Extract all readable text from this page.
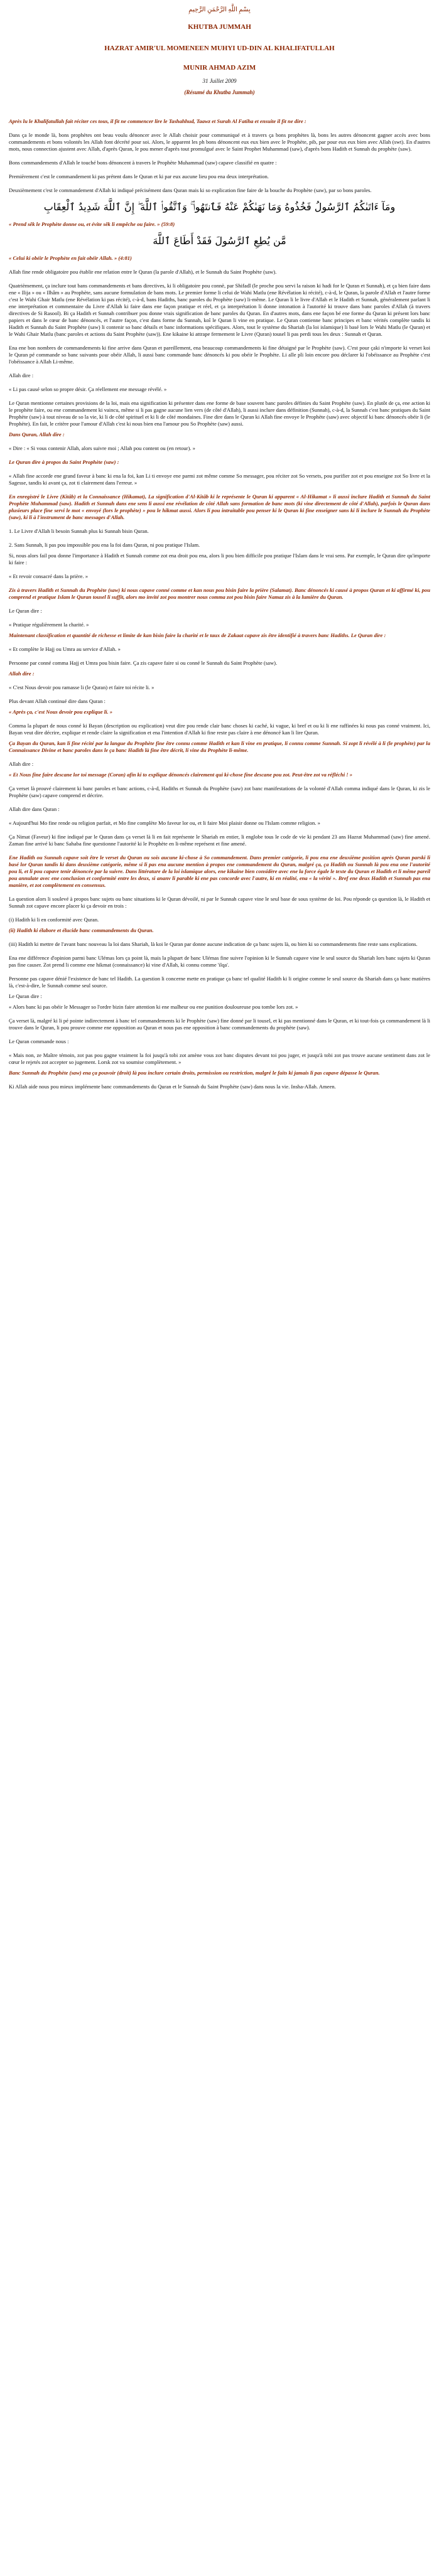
بِسْمِ اللَّهِ الرَّحْمَنِ الرَّحِيمِ
KHUTBA JUMMAH
HAZRAT AMIR'UL MOMENEEN MUHYI UD-DIN AL KHALIFATULLAH
MUNIR AHMAD AZIM
31 Juillet 2009
(Résumé du Khutba Jummah)

Après lu le Khalifatullah fait réciter ces tous, il fit ne commencer lire le Tashahhud, Taawz et Surah Al Fatiha et ensuite il fit ne dire :

Dans ça le monde là, bons prophètes ont beau voulu dénoncer avec le Allah choisir pour communiqué et à travers ça bons prophètes là, bons les autres dénoncent gagner accès avec bons commandements et bons volontés les Allah font décrété pour soi. Alors, le apparent les ph bons dénoncent eux eux bien avec le Prophète, pib, par pour eux eux bien avec Allah (swt). En d'autres mots, nous connection ajustent avec Allah, d'après Quran, le pou mener d'après tout promulgué avec le Saint Prophet Muhammad (saw), d'après bons Hadith et Sunnah du prophète (saw).

Bons commandements d'Allah le touché bons dénoncent à travers le Prophète Muhammad (saw) capave classifié en quatre :

Premièrement c'est le commandement ki pas prétent dans le Quran et ki par eux aucune lieu pou ena deux interprétation.

Deuxièmement c'est le commandement d'Allah ki indiqué précisément dans Quran mais ki so explication fine faire de la bouche du Prophète (saw), par so bons paroles.

ومَآ ءَاتَىٰكُمُ ٱلرَّسُولُ فَخُذُوهُ وَمَا نَهَىٰكُمْ عَنْهُ فَٱنتَهُوا۟ ۚ وَٱتَّقُوا۟ ٱللَّهَ ۖ إِنَّ ٱللَّهَ شَدِيدُ ٱلْعِقَابِ

« Prend sêk le Prophète donne ou, et évite sêk li empêche ou faire. » (59:8)

مَّن يُطِعِ ٱلرَّسُولَ فَقَدْ أَطَاعَ ٱللَّهَ

« Celui ki obéir le Prophète en fait obéir Allah. » (4:81)

Allah fine rende obligatoire pou établir ene relation entre le Quran (la parole d'Allah), et le Sunnah du Saint Prophète (saw).

Quatrièmement, ça inclure tout bans commandements et bans directives, ki li obligatoire pou connè, par Shifadl (le proche pou servi la raison ki hadi for le Quran et Sunnah), et ça bien faire dans ene « Ilija » ou « Ilhâm » au Prophète, sans aucune formulation de bans mots. Le premier forme li celui de Wahi Matlu (ene Révélation ki récité), c-à-d, le Quran, la parole d'Allah et l'autre forme c'est le Wahi Ghair Matlu (ene Révélation ki pas récité), c-à-d, bans Hadiths, banc paroles du Prophète (saw) li-même. Le Quran li le livre d'Allah et le Hadith et Sunnah, généralement parlant li ene interprétation et commentaire du Livre d'Allah ki faire dans ene façon pratique et réel, et ça interprétation li donne intonation à l'autorité ki trouve dans banc paroles d'Allah (à travers directives de Si Rasool). Bi ça Hadith et Sunnah contribuer pou donne vrais signification de banc paroles du Quran. En d'autres mots, dans ene façon bé ene forme du Quran ki présent lors banc papiers et dans le cœur de banc dénoncés, et l'autre façon, c'est dans forme du Sunnah, koî le Quran li vine en pratique. Le Quran contienne banc principes et banc vérités complète tandis ki Hadith et Sunnah du Saint Prophète (saw) li contenir so banc détails et banc informations spécifiques. Alors, tout le système du Shariah (la loi islamique) li basé lors le Wahi Matlu (le Quran) et le Wahi Ghair Matlu (banc paroles et actions du Saint Prophète (saw)). Ene kikaine ki attrape fermement le Livre (Quran) tousel li pas perdi tous les deux : Sunnah et Quran.

Ena ene bon nombres de commandements ki fine arrive dans Quran et pareillement, ena beaucoup commandements ki fine détaigné par le Prophète (saw). C'est pour çaki n'importe ki verset koi le Quran pé commande so banc suivants pour obéir Allah, li aussi banc commande banc dénoncés ki pou obéir le Prophète. Li alle pli loin encore pou déclarer ki l'obéissance au Prophète c'est l'obéissance à Allah Li-même.

Allah dire :

« Li pas causé selon so propre désir. Ça réellement ene message révélé. »

Le Quran mentionne certaines provisions de la loi, mais ena signification ki présenter dans ene forme de base souvent banc paroles définies du Saint Prophète (saw). En plutôt de ça, ene action ki le prophète faire, ou ene commandement ki vaincu, même si li pas gagne aucune lien vers (de côté d'Allah), li aussi inclure dans définition (Sunnah), c-à-d, la Sunnah c'est banc pratiques du Saint Prophète (saw) à tout niveau de so la vie, ki li de côté spirituel et ki li de côté mondaines. Fine dire dans le Quran ki Allah fine envoye le Prophète (saw) avec objectif ki banc dénoncés obéir li (le Prophète). En fait, le critère pour l'amour d'Allah c'est ki nous bien ena l'amour pou So Prophète (saw) aussi.

Dans Quran, Allah dire :

« Dire : « Si vous contenir Allah, alors suivre moi ; Allah pou content ou (en retour). »

Le Quran dire à propos du Saint Prophète (saw) :

« Allah fine accorde ene grand faveur à banc ki ena la foi, kan Li ti envoye ene parmi zot même comme So messager, pou réciter zot So versets, pou purifier zot et pou enseigne zot So livre et la Sagesse, tandis ki avant ça, zot ti clairement dans l'erreur. »

En enregistré le Livre (Kitâb) et la Connaissance (Hikamat), La signification d'Al-Kitâb ki le représente le Quran ki apparent « Al-Hikamat » li aussi inclure Hadith et Sunnah du Saint Prophète Muhammad (saw). Hadith et Sunnah dans ene sens li aussi ene révélation de côté Allah sans formation de banc mots (ki vine directement de côté d'Allah), parfois le Quran dans plusieurs place fine servi le mot « envoyé (lors le prophète) » pou le hikmat aussi. Alors li pou intraitable pou penser ki le Quran ki fine enseigner sans ki li inclure le Sunnah du Prophète (saw), ki li à l'instrument de banc messages d'Allah.

1. Le Livre d'Allah li besoin Sunnah plus ki Sunnah bisin Quran.

2. Sans Sunnah, li pas pou impossible pou ena la foi dans Quran, ni pou pratique l'Islam.

Si, nous alors fail pou donne l'importance à Hadith et Sunnah comme zot ena droit pou ena, alors li pou bien difficile pou pratique l'Islam dans le vrai sens. Par exemple, le Quran dire qu'importe ki faire :

« Et revoir consacré dans la prière. »

Zis à travers Hadith et Sunnah du Prophète (saw) ki nous capave conné comme et kan nous pou bisin faire la prière (Salamat). Banc dénoncés ki causé à propos Quran et ki affirmé ki, pou comprend et pratique Islam le Quran tousel li suffit, alors mo invité zot pou montrer nous comma zot pou bisin faire Namaz zis à la lumière du Quran.

Le Quran dire :

« Pratique régulièrement la charité. »

Maintenant classification et quantité de richesse et limite de kan bisin faire la charité et le taux de Zakaat capave zis être identifié à travers banc Hadiths. Le Quran dire :

« Et complète le Hajj ou Umra au service d'Allah. »

Personne par conné comma Hajj et Umra pou bisin faire. Ça zis capave faire si ou conné le Sunnah du Saint Prophète (saw).

Allah dire :

« C'est Nous devoir pou ramasse li (le Quran) et faire toi récite li. »

Plus devant Allah continué dire dans Quran :

« Après ça, c'est Nous devoir pou explique li. »

Comma la plupart de nous conné ki Bayan (description ou explication) veut dire pou rende clair banc choses ki caché, ki vague, ki bref et ou ki li ene raffinées ki nous pas conné vraiment. Ici, Bayan veut dire décrire, explique et rende claire la signification et ena l'intention d'Allah ki fine reste pas claire à ene dénoncé kan li lire Quran.

Ça Bayan du Quran, kan li fine récité par la langue du Prophète fine être connu comme Hadith et kan li vine en pratique, li connu comme Sunnah. Si zopt li révélé à li (le prophète) par la Connaissance Divine et banc paroles dans le ça banc Hadith là fine être décrit, li vine du Prophète li-même.

Allah dire :

« Et Nous fine faire descane lor toi message (Coran) afin ki to explique dénoncés clairement qui ki-chose fine descane pou zot. Peut-être zot va réfléchi ! »

Ça verset là prouvé clairement ki banc paroles et banc actions, c-à-d, Hadiths et Sunnah du Prophète (saw) zot banc manifestations de la volonté d'Allah comma indiqué dans le Quran, ki zis le Prophète (saw) capave comprend et décrire.

Allah dire dans Quran :

« Aujourd'hui Mo fine rende ou religion parfait, et Mo fine complète Mo faveur lor ou, et li faire Moi plaisir donne ou l'Islam comme religion. »

Ça Nimat (Faveur) ki fine indiqué par le Quran dans ça verset là li en fait représente le Shariah en entier, li englobe tous le code de vie ki pendant 23 ans Hazrat Muhammad (saw) fine amené. Zaman fine arrivé ki banc Sahaba fine questionne l'autorité ki le Prophète en li-même représent et fine amené.

Ene Hadith ou Sunnah capave soit être le verset du Quran ou sois aucune ki-chose à So commandement. Dans premier catégorie, li pou ena ene deuxième position après Quran parski li basé lor Quran tandis ki dans deuxième catégorie, même si li pas ena aucune mention à propos ene commandement du Quran, malgré ça, ça Hadith ou Sunnah là pou ena one l'autorité pou li, et li pou capave tenir dénoncée par la suivre. Dans littérature de la loi islamique alors, ene kikaine bien considère avec ene la force égale le texte du Quran et Hadith et li même pareil pou annulate avec ene conclusion et conformité entre les deux, si ananv li parable ki ene pas concorde avec l'autre, ki en réalité, ena « la vérité ». Bref ene deux Hadith et Sunnah pas ena manière, et zot complètement en consensus.

La question alors li soulevé à propos banc sujets ou banc situations ki le Quran dévoilé, ni par le Sunnah capave vine le seul base de sous système de loi. Pou réponde ça question là, le Hadith et Sunnah zot capave encore placer ki ça devoir en trois :

(i) Hadith ki li en conformité avec Quran.

(ii) Hadith ki élabore et élucide banc commandements du Quran.

(iii) Hadith ki mettre de l'avant banc nouveau la loi dans Shariah, là koi le Quran par donne aucune indication de ça banc sujets là, ou bien ki so commandements fine reste sans explications.

Ena ene différence d'opinion parmi banc Ulémas lors ça point là, mais la plupart de banc Ulémas fine suivre l'opinion ki le Sunnah capave vine le seul source du Shariah lors banc sujets ki Quran pas fine causer. Zot prend li comme ene hikmat (connaissance) ki vine d'Allah, ki connu comme 'ilqa'.

Personne pas capave dénié l'existence de banc tel Hadith. La question li concerne mette en pratique ça banc tel qualité Hadith ki li origine comme le seul source du Shariah dans ça banc matières là, c'est-à-dire, le Sunnah comme seul source.

Le Quran dire :

« Alors banc ki pas obéir le Messager so l'ordre bizin faire attention ki ene malheur ou ene punition douloureuse pou tombe lors zot. »

Ça verset là, malgré ki li pé pointe indirectement à banc tel commandements ki le Prophète (saw) fine donné par li tousel, et ki pas mentionné dans le Quran, et ki tout-fois ça commandement là li trouve dans le Quran, li pou prouve comme ene opposition au Quran et nous pas ene opposition à banc commandements du prophète (saw).

Le Quran commande nous :

« Mais non, ze Maître témoin, zot pas pou gagne vraiment la foi jusqu'à tobi zot amène vous zot banc disputes devant toi pou juger, et jusqu'à tobi zot pas trouve aucune sentiment dans zot le cœur le rejetés zot accepter so jugement. Lorsk zot va soumise complètement. »

Banc Sunnah du Prophète (saw) ena ça pouvoir (droit) là pou inclure certain droits, permission ou restriction, malgré le faits ki jamais li pas capave dépasse le Quran.

Ki Allah aide nous pou mieux implémente banc commandements du Quran et le Sunnah du Saint Prophète (saw) dans nous la vie. Insha-Allah. Ameen.
